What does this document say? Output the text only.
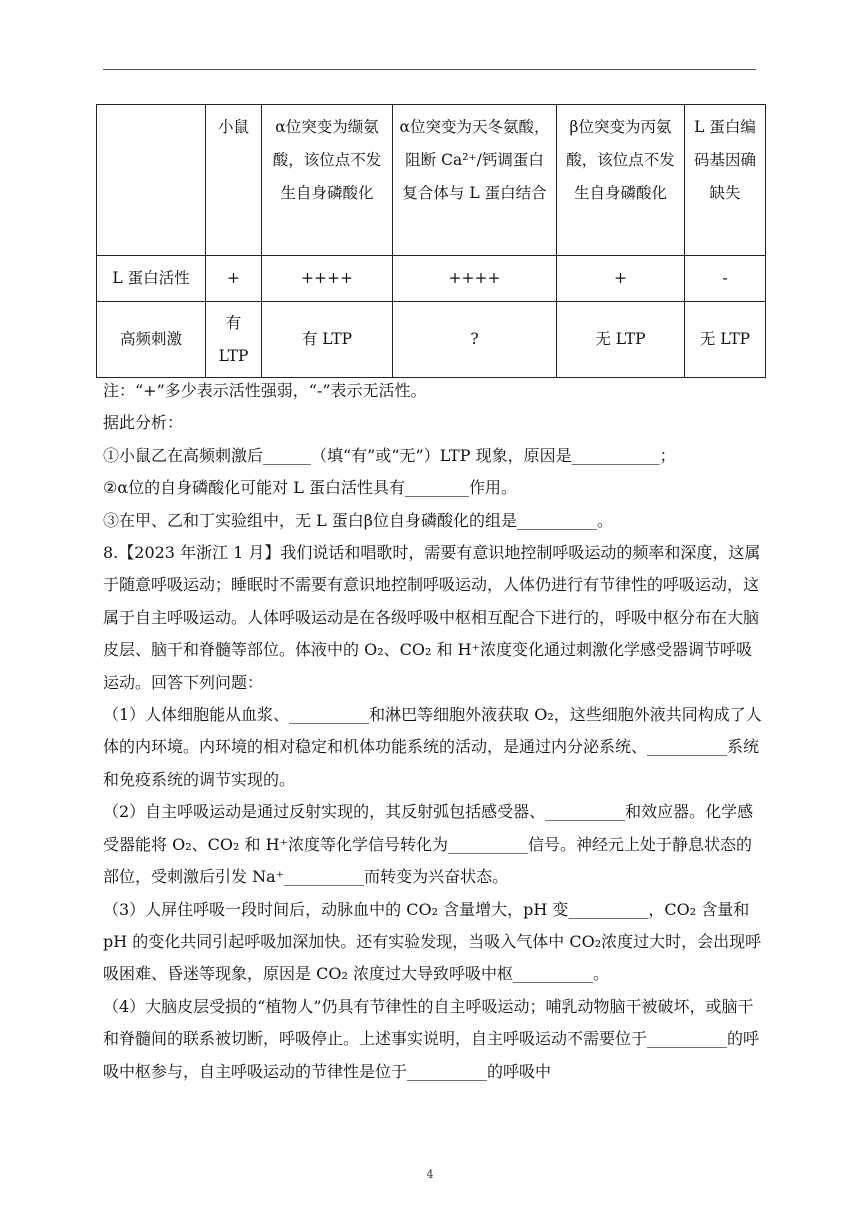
	小鼠	α位突变为缬氨酸，该位点不发生自身磷酸化	α位突变为天冬氨酸，阻断 Ca²⁺/钙调蛋白复合体与 L 蛋白结合	β位突变为丙氨酸，该位点不发生自身磷酸化	L 蛋白编码基因确缺失
L 蛋白活性	+	++++	++++	+	-
高频刺激	有 LTP	有 LTP	?	无 LTP	无 LTP

注：“+”多少表示活性强弱，“-”表示无活性。

据此分析：

①小鼠乙在高频刺激后______（填“有”或“无”）LTP 现象，原因是___________；

②α位的自身磷酸化可能对 L 蛋白活性具有________作用。

③在甲、乙和丁实验组中，无 L 蛋白β位自身磷酸化的组是__________。

8.【2023 年浙江 1 月】我们说话和唱歌时，需要有意识地控制呼吸运动的频率和深度，这属于随意呼吸运动；睡眠时不需要有意识地控制呼吸运动，人体仍进行有节律性的呼吸运动，这属于自主呼吸运动。人体呼吸运动是在各级呼吸中枢相互配合下进行的，呼吸中枢分布在大脑皮层、脑干和脊髓等部位。体液中的 O₂、CO₂ 和 H⁺浓度变化通过刺激化学感受器调节呼吸运动。回答下列问题：

（1）人体细胞能从血浆、__________和淋巴等细胞外液获取 O₂，这些细胞外液共同构成了人体的内环境。内环境的相对稳定和机体功能系统的活动，是通过内分泌系统、__________系统和免疫系统的调节实现的。

（2）自主呼吸运动是通过反射实现的，其反射弧包括感受器、__________和效应器。化学感受器能将 O₂、CO₂ 和 H⁺浓度等化学信号转化为__________信号。神经元上处于静息状态的部位，受刺激后引发 Na⁺__________而转变为兴奋状态。

（3）人屏住呼吸一段时间后，动脉血中的 CO₂ 含量增大，pH 变__________，CO₂ 含量和 pH 的变化共同引起呼吸加深加快。还有实验发现，当吸入气体中 CO₂浓度过大时，会出现呼吸困难、昏迷等现象，原因是 CO₂ 浓度过大导致呼吸中枢__________。

（4）大脑皮层受损的“植物人”仍具有节律性的自主呼吸运动；哺乳动物脑干被破坏，或脑干和脊髓间的联系被切断，呼吸停止。上述事实说明，自主呼吸运动不需要位于__________的呼吸中枢参与，自主呼吸运动的节律性是位于__________的呼吸中

4
